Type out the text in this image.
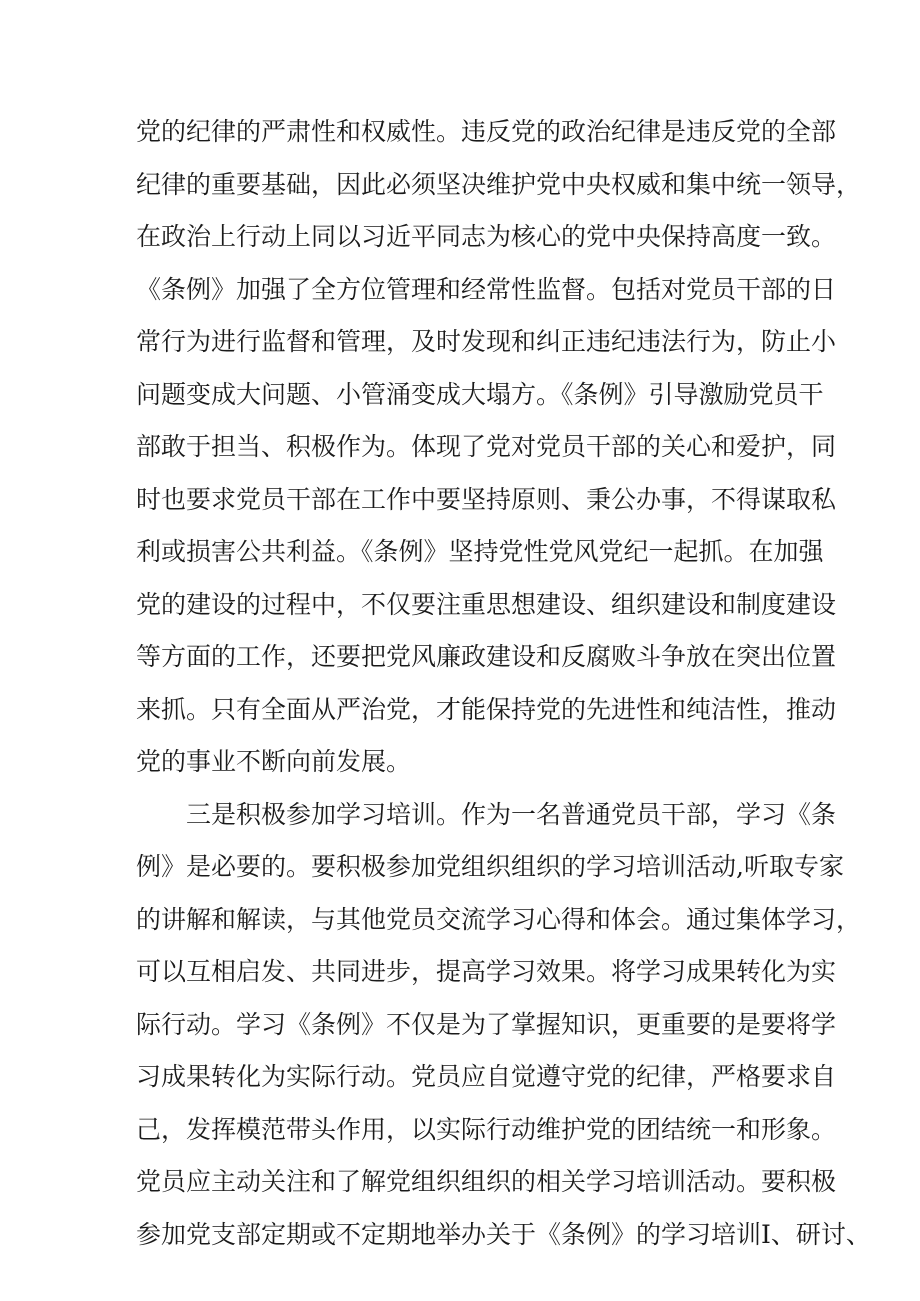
党的纪律的严肃性和权威性。违反党的政治纪律是违反党的全部
纪律的重要基础，因此必须坚决维护党中央权威和集中统一领导，
在政治上行动上同以习近平同志为核心的党中央保持高度一致。
《条例》加强了全方位管理和经常性监督。包括对党员干部的日
常行为进行监督和管理，及时发现和纠正违纪违法行为，防止小
问题变成大问题、小管涌变成大塌方。《条例》引导激励党员干
部敢于担当、积极作为。体现了党对党员干部的关心和爱护，同
时也要求党员干部在工作中要坚持原则、秉公办事，不得谋取私
利或损害公共利益。《条例》坚持党性党风党纪一起抓。在加强
党的建设的过程中，不仅要注重思想建设、组织建设和制度建设
等方面的工作，还要把党风廉政建设和反腐败斗争放在突出位置
来抓。只有全面从严治党，才能保持党的先进性和纯洁性，推动
党的事业不断向前发展。
三是积极参加学习培训。作为一名普通党员干部，学习《条
例》是必要的。要积极参加党组织组织的学习培训活动,听取专家
的讲解和解读，与其他党员交流学习心得和体会。通过集体学习，
可以互相启发、共同进步，提高学习效果。将学习成果转化为实
际行动。学习《条例》不仅是为了掌握知识，更重要的是要将学
习成果转化为实际行动。党员应自觉遵守党的纪律，严格要求自
己，发挥模范带头作用，以实际行动维护党的团结统一和形象。
党员应主动关注和了解党组织组织的相关学习培训活动。要积极
参加党支部定期或不定期地举办关于《条例》的学习培训I、研讨、
